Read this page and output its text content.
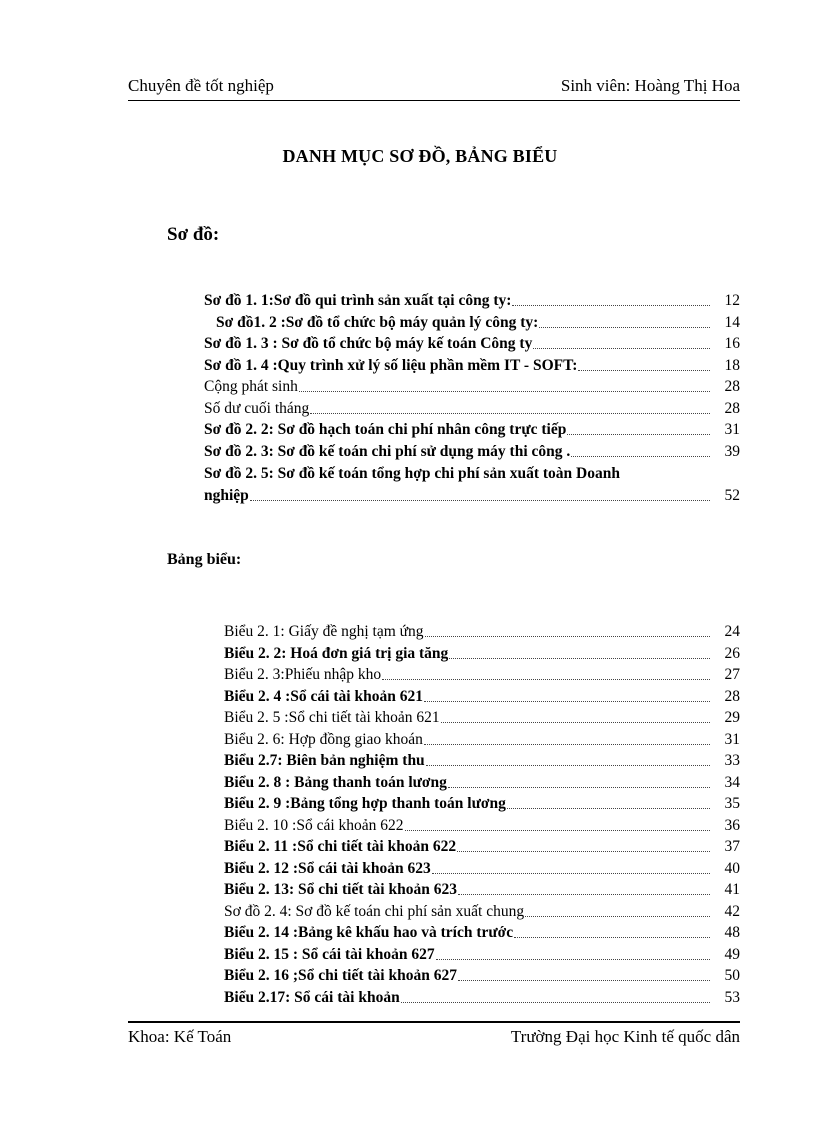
Chuyên đề tốt nghiệp	Sinh viên: Hoàng Thị Hoa
DANH MỤC SƠ ĐỒ, BẢNG BIỂU
Sơ đồ:
Sơ đồ 1. 1:Sơ đồ qui trình sản xuất tại công ty:	12
Sơ đồ1. 2 :Sơ đồ tổ chức bộ máy quản lý công ty:	14
Sơ đồ 1. 3 : Sơ đồ tổ chức bộ máy kế toán Công ty	16
Sơ đồ 1. 4 :Quy trình xử lý số liệu phần mềm IT - SOFT:	18
Cộng phát sinh	28
Số dư cuối tháng	28
Sơ đồ 2. 2: Sơ đồ hạch toán chi phí nhân công trực tiếp	31
Sơ đồ 2. 3: Sơ đồ kế toán chi phí sử dụng máy thi công .	39
Sơ đồ 2. 5: Sơ đồ kế toán tổng hợp chi phí sản xuất toàn Doanh
nghiệp	52
Bảng biểu:
Biểu 2. 1: Giấy đề nghị tạm ứng	24
Biểu 2. 2: Hoá đơn giá trị gia tăng	26
Biểu 2. 3:Phiếu nhập kho	27
Biểu 2. 4 :Sổ cái tài khoản 621	28
Biểu 2. 5 :Sổ chi tiết tài khoản 621	29
Biểu 2. 6: Hợp đồng giao khoán	31
Biểu 2.7: Biên bản nghiệm thu	33
Biểu 2. 8 : Bảng thanh toán lương	34
Biểu 2. 9 :Bảng tổng hợp thanh toán lương	35
Biểu 2. 10 :Sổ cái khoản 622	36
Biểu 2. 11 :Sổ chi tiết tài khoản 622	37
Biểu 2. 12 :Sổ cái tài khoản 623	40
Biểu 2. 13: Sổ chi tiết tài khoản 623	41
Sơ đồ 2. 4: Sơ đồ kế toán chi phí sản xuất chung	42
Biểu 2. 14 :Bảng kê khấu hao và trích trước	48
Biểu 2. 15 : Sổ cái tài khoản 627	49
Biểu 2. 16 ;Sổ chi tiết tài khoản 627	50
Biểu 2.17: Sổ cái tài khoản	53
Khoa: Kế Toán	Trường Đại học Kinh tế quốc dân
